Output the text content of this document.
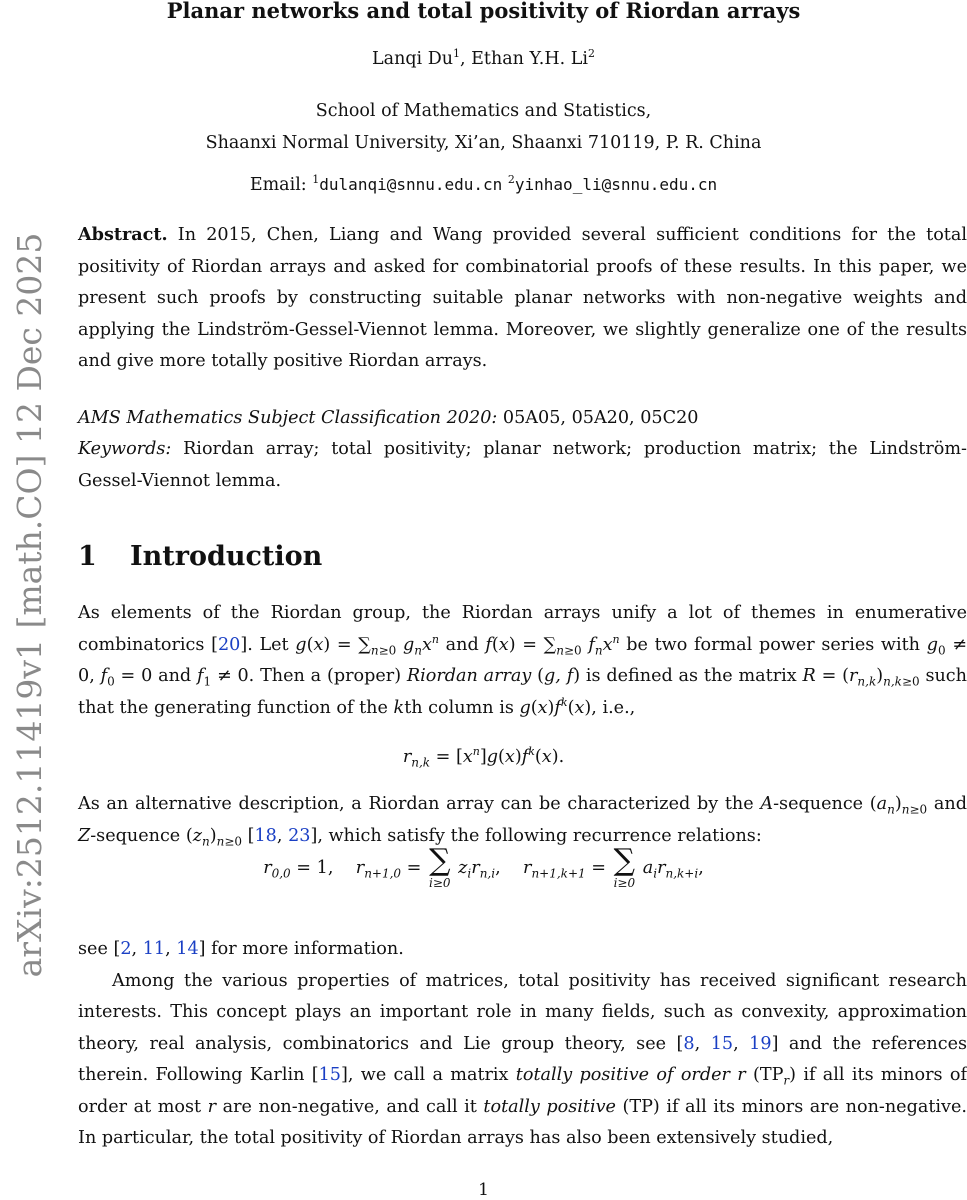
arXiv:2512.11419v1 [math.CO] 12 Dec 2025
Planar networks and total positivity of Riordan arrays
Lanqi Du$^1$, Ethan Y.H. Li$^2$
School of Mathematics and Statistics,
Shaanxi Normal University, Xi’an, Shaanxi 710119, P. R. China
Email: $^1$dulanqi@snnu.edu.cn $^2$yinhao_li@snnu.edu.cn

Abstract. In 2015, Chen, Liang and Wang provided several sufficient conditions for the total positivity of Riordan arrays and asked for combinatorial proofs of these results. In this paper, we present such proofs by constructing suitable planar networks with non-negative weights and applying the Lindström-Gessel-Viennot lemma. Moreover, we slightly generalize one of the results and give more totally positive Riordan arrays.

AMS Mathematics Subject Classification 2020: 05A05, 05A20, 05C20

Keywords: Riordan array; total positivity; planar network; production matrix; the Lindström-Gessel-Viennot lemma.

1 Introduction

As elements of the Riordan group, the Riordan arrays unify a lot of themes in enumerative combinatorics [20]. Let $g(x) = \sum_{n\ge 0}$ $g_nx^n$ and $f(x) = \sum_{n\ge 0}$ $f_nx^n$ be two formal power series with $g_0 \ne 0$, $f_0 = 0$ and $f_1 \ne 0$. Then a (proper) Riordan array (g, f) is defined as the matrix $R = (r_{n,k})_{n,k\ge 0}$ such that the generating function of the kth column is $g(x)f^k(x)$, i.e.,

$r_{n,k} = [x^n]g(x)f^k(x)$.

As an alternative description, a Riordan array can be characterized by the A-sequence $(a_n)_{n\ge 0}$ and Z-sequence $(z_n)_{n\ge 0}$ [18, 23], which satisfy the following recurrence relations:

$r_{0,0} = 1$,    $r_{n+1,0}$ = ∑
i≥0
$z_ir_{n,i}$,    $r_{n+1,k+1}$ = ∑
i≥0
$a_ir_{n,k+i}$,

see [2, 11, 14] for more information.

Among the various properties of matrices, total positivity has received significant research interests. This concept plays an important role in many fields, such as convexity, approximation theory, real analysis, combinatorics and Lie group theory, see [8, 15, 19] and the references therein. Following Karlin [15], we call a matrix totally positive of order r $(TP_r)$ if all its minors of order at most r are non-negative, and call it totally positive (TP) if all its minors are non-negative. In particular, the total positivity of Riordan arrays has also been extensively studied,

1
